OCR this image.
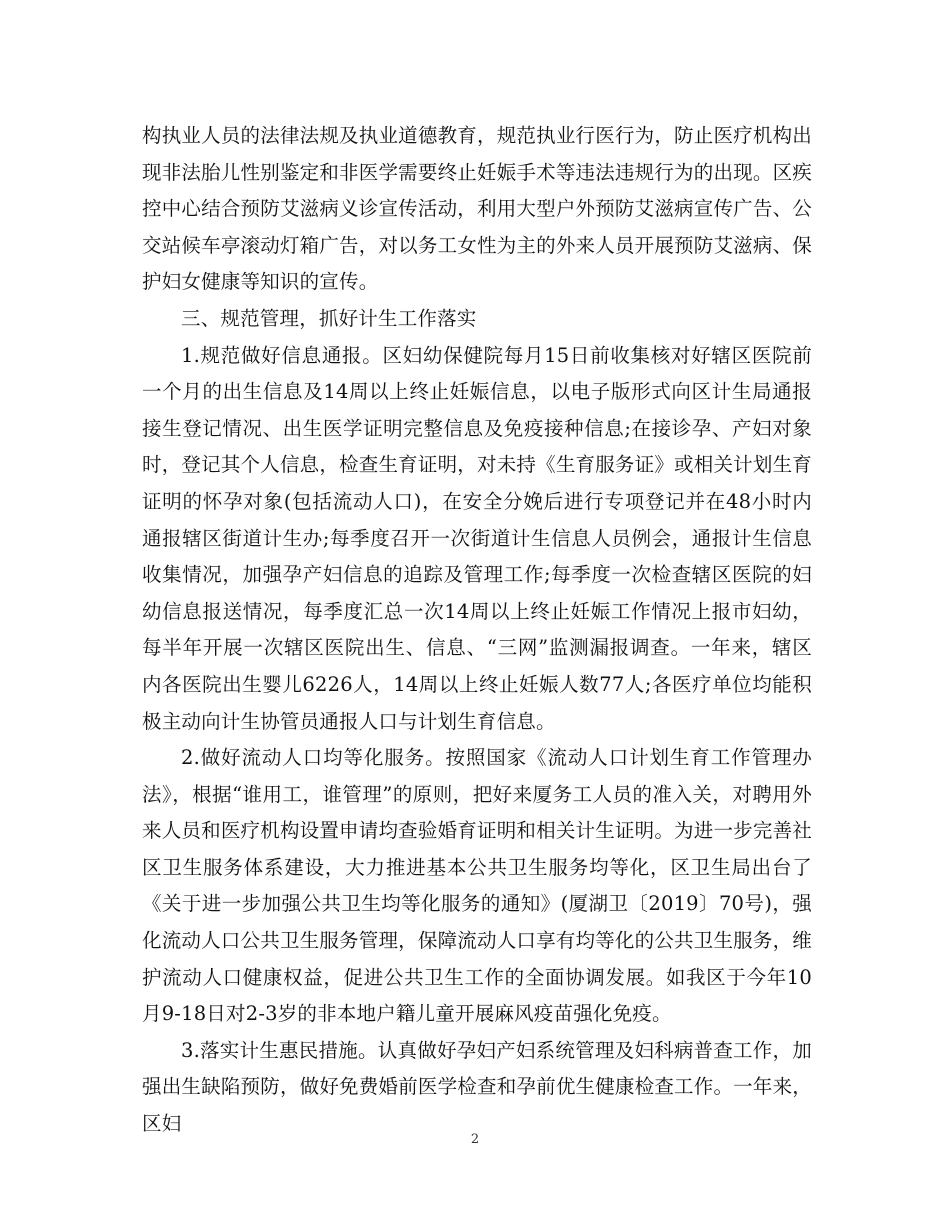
构执业人员的法律法规及执业道德教育，规范执业行医行为，防止医疗机构出现非法胎儿性别鉴定和非医学需要终止妊娠手术等违法违规行为的出现。区疾控中心结合预防艾滋病义诊宣传活动，利用大型户外预防艾滋病宣传广告、公交站候车亭滚动灯箱广告，对以务工女性为主的外来人员开展预防艾滋病、保护妇女健康等知识的宣传。

三、规范管理，抓好计生工作落实

1.规范做好信息通报。区妇幼保健院每月15日前收集核对好辖区医院前一个月的出生信息及14周以上终止妊娠信息，以电子版形式向区计生局通报接生登记情况、出生医学证明完整信息及免疫接种信息;在接诊孕、产妇对象时，登记其个人信息，检查生育证明，对未持《生育服务证》或相关计划生育证明的怀孕对象(包括流动人口)，在安全分娩后进行专项登记并在48小时内通报辖区街道计生办;每季度召开一次街道计生信息人员例会，通报计生信息收集情况，加强孕产妇信息的追踪及管理工作;每季度一次检查辖区医院的妇幼信息报送情况，每季度汇总一次14周以上终止妊娠工作情况上报市妇幼，每半年开展一次辖区医院出生、信息、“三网”监测漏报调查。一年来，辖区内各医院出生婴儿6226人，14周以上终止妊娠人数77人;各医疗单位均能积极主动向计生协管员通报人口与计划生育信息。

2.做好流动人口均等化服务。按照国家《流动人口计划生育工作管理办法》，根据“谁用工，谁管理”的原则，把好来厦务工人员的准入关，对聘用外来人员和医疗机构设置申请均查验婚育证明和相关计生证明。为进一步完善社区卫生服务体系建设，大力推进基本公共卫生服务均等化，区卫生局出台了《关于进一步加强公共卫生均等化服务的通知》(厦湖卫〔2019〕70号)，强化流动人口公共卫生服务管理，保障流动人口享有均等化的公共卫生服务，维护流动人口健康权益，促进公共卫生工作的全面协调发展。如我区于今年10月9-18日对2-3岁的非本地户籍儿童开展麻风疫苗强化免疫。

3.落实计生惠民措施。认真做好孕妇产妇系统管理及妇科病普查工作，加强出生缺陷预防，做好免费婚前医学检查和孕前优生健康检查工作。一年来，区妇

2
